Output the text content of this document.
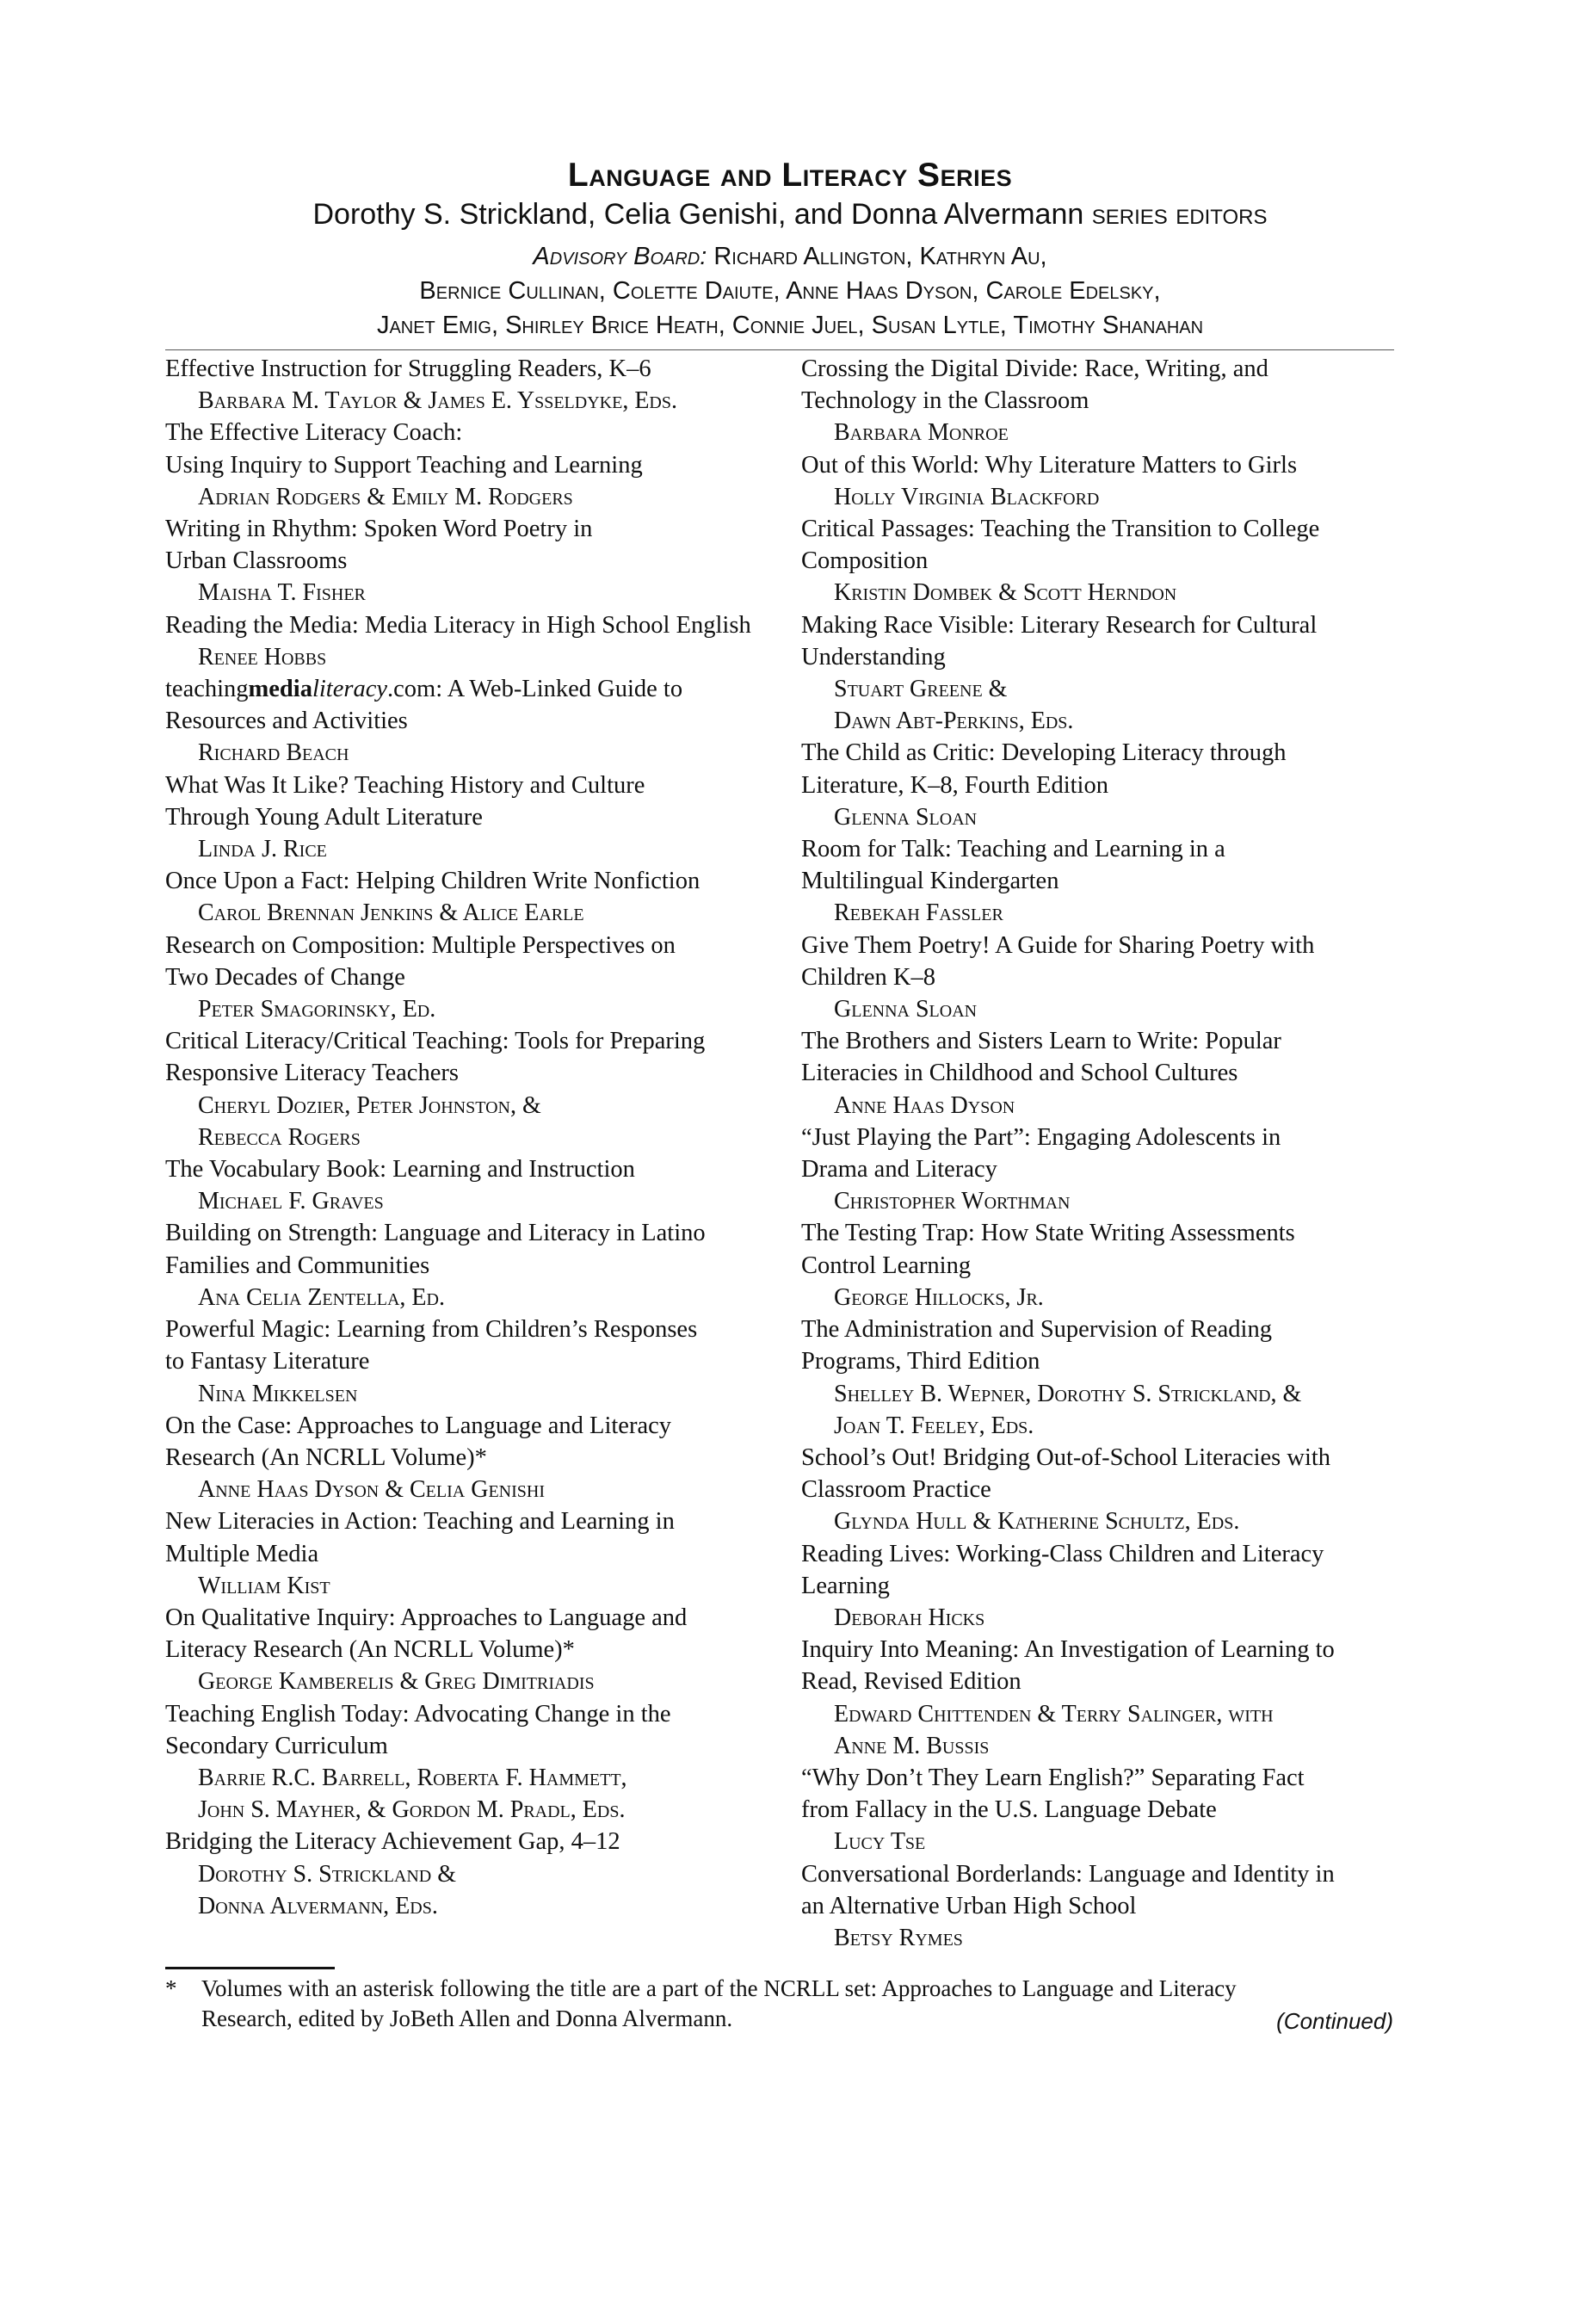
Language and Literacy Series
Dorothy S. Strickland, Celia Genishi, and Donna Alvermann series editors
Advisory Board: Richard Allington, Kathryn Au,
Bernice Cullinan, Colette Daiute, Anne Haas Dyson, Carole Edelsky,
Janet Emig, Shirley Brice Heath, Connie Juel, Susan Lytle, Timothy Shanahan
Effective Instruction for Struggling Readers, K–6
Barbara M. Taylor & James E. Ysseldyke, Eds.
The Effective Literacy Coach:
Using Inquiry to Support Teaching and Learning
Adrian Rodgers & Emily M. Rodgers
Writing in Rhythm: Spoken Word Poetry in
Urban Classrooms
Maisha T. Fisher
Reading the Media: Media Literacy in High School English
Renee Hobbs
teachingmedialiteracy.com: A Web-Linked Guide to
Resources and Activities
Richard Beach
What Was It Like? Teaching History and Culture
Through Young Adult Literature
Linda J. Rice
Once Upon a Fact: Helping Children Write Nonfiction
Carol Brennan Jenkins & Alice Earle
Research on Composition: Multiple Perspectives on
Two Decades of Change
Peter Smagorinsky, Ed.
Critical Literacy/Critical Teaching: Tools for Preparing
Responsive Literacy Teachers
Cheryl Dozier, Peter Johnston, &
Rebecca Rogers
The Vocabulary Book: Learning and Instruction
Michael F. Graves
Building on Strength: Language and Literacy in Latino
Families and Communities
Ana Celia Zentella, Ed.
Powerful Magic: Learning from Children’s Responses
to Fantasy Literature
Nina Mikkelsen
On the Case: Approaches to Language and Literacy
Research (An NCRLL Volume)*
Anne Haas Dyson & Celia Genishi
New Literacies in Action: Teaching and Learning in
Multiple Media
William Kist
On Qualitative Inquiry: Approaches to Language and
Literacy Research (An NCRLL Volume)*
George Kamberelis & Greg Dimitriadis
Teaching English Today: Advocating Change in the
Secondary Curriculum
Barrie R.C. Barrell, Roberta F. Hammett,
John S. Mayher, & Gordon M. Pradl, Eds.
Bridging the Literacy Achievement Gap, 4–12
Dorothy S. Strickland &
Donna Alvermann, Eds.
Crossing the Digital Divide: Race, Writing, and
Technology in the Classroom
Barbara Monroe
Out of this World: Why Literature Matters to Girls
Holly Virginia Blackford
Critical Passages: Teaching the Transition to College
Composition
Kristin Dombek & Scott Herndon
Making Race Visible: Literary Research for Cultural
Understanding
Stuart Greene &
Dawn Abt-Perkins, Eds.
The Child as Critic: Developing Literacy through
Literature, K–8, Fourth Edition
Glenna Sloan
Room for Talk: Teaching and Learning in a
Multilingual Kindergarten
Rebekah Fassler
Give Them Poetry! A Guide for Sharing Poetry with
Children K–8
Glenna Sloan
The Brothers and Sisters Learn to Write: Popular
Literacies in Childhood and School Cultures
Anne Haas Dyson
“Just Playing the Part”: Engaging Adolescents in
Drama and Literacy
Christopher Worthman
The Testing Trap: How State Writing Assessments
Control Learning
George Hillocks, Jr.
The Administration and Supervision of Reading
Programs, Third Edition
Shelley B. Wepner, Dorothy S. Strickland, &
Joan T. Feeley, Eds.
School’s Out! Bridging Out-of-School Literacies with
Classroom Practice
Glynda Hull & Katherine Schultz, Eds.
Reading Lives: Working-Class Children and Literacy
Learning
Deborah Hicks
Inquiry Into Meaning: An Investigation of Learning to
Read, Revised Edition
Edward Chittenden & Terry Salinger, with
Anne M. Bussis
“Why Don’t They Learn English?” Separating Fact
from Fallacy in the U.S. Language Debate
Lucy Tse
Conversational Borderlands: Language and Identity in
an Alternative Urban High School
Betsy Rymes
* Volumes with an asterisk following the title are a part of the NCRLL set: Approaches to Language and Literacy
Research, edited by JoBeth Allen and Donna Alvermann.	(Continued)
